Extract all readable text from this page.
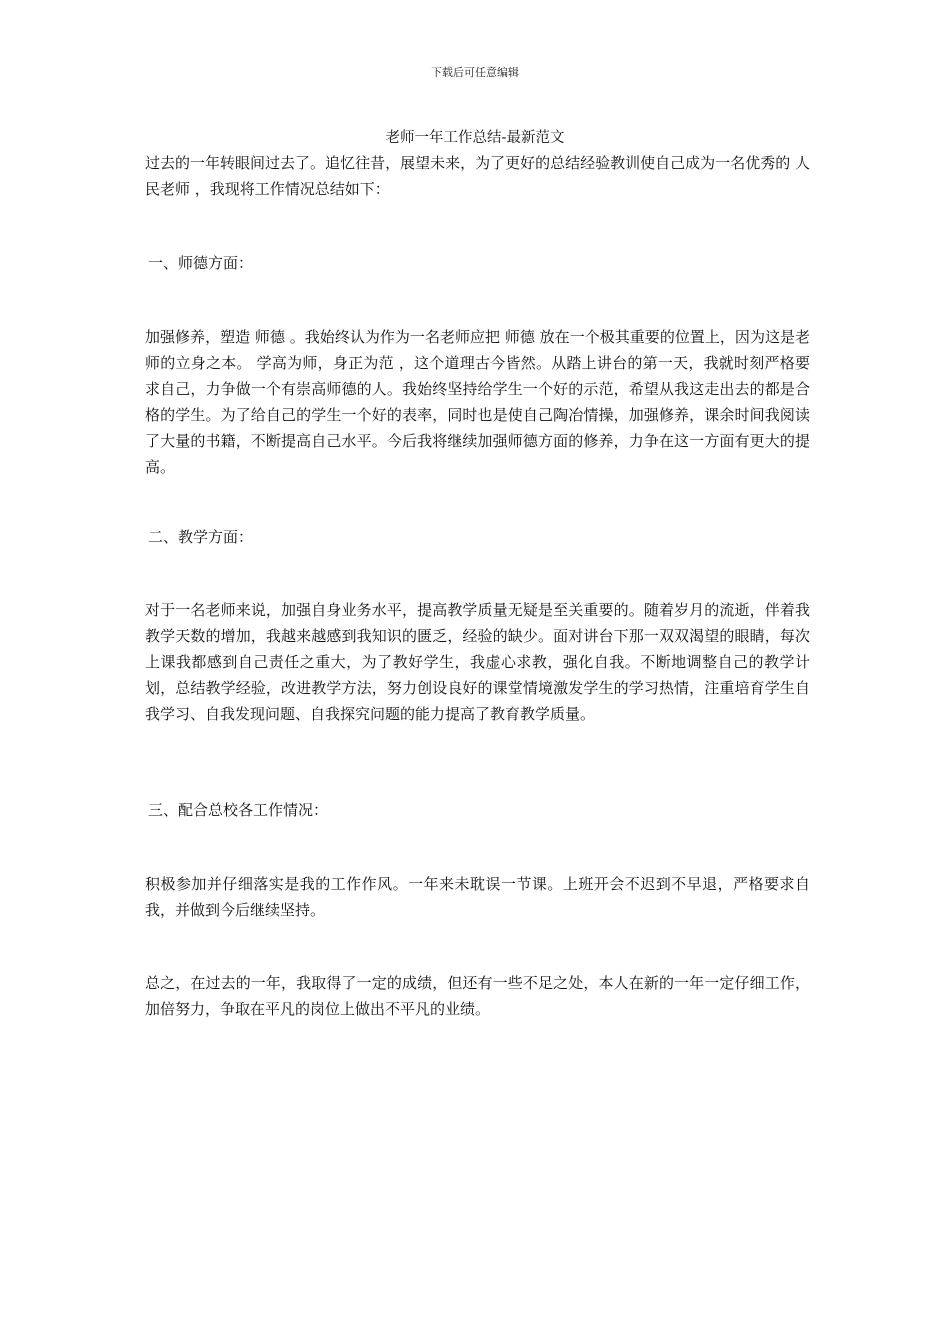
下载后可任意编辑
老师一年工作总结-最新范文

过去的一年转眼间过去了。追忆往昔，展望未来，为了更好的总结经验教训使自己成为一名优秀的 人民老师 ，我现将工作情况总结如下：

一、师德方面：

加强修养，塑造 师德 。我始终认为作为一名老师应把 师德 放在一个极其重要的位置上，因为这是老师的立身之本。 学高为师，身正为范 ，这个道理古今皆然。从踏上讲台的第一天，我就时刻严格要求自己，力争做一个有崇高师德的人。我始终坚持给学生一个好的示范，希望从我这走出去的都是合格的学生。为了给自己的学生一个好的表率，同时也是使自己陶冶情操，加强修养，课余时间我阅读了大量的书籍，不断提高自己水平。今后我将继续加强师德方面的修养，力争在这一方面有更大的提高。

二、教学方面：

对于一名老师来说，加强自身业务水平，提高教学质量无疑是至关重要的。随着岁月的流逝，伴着我教学天数的增加，我越来越感到我知识的匮乏，经验的缺少。面对讲台下那一双双渴望的眼睛，每次上课我都感到自己责任之重大，为了教好学生，我虚心求教，强化自我。不断地调整自己的教学计划，总结教学经验，改进教学方法，努力创设良好的课堂情境激发学生的学习热情，注重培育学生自我学习、自我发现问题、自我探究问题的能力提高了教育教学质量。

三、配合总校各工作情况：

积极参加并仔细落实是我的工作作风。一年来未耽误一节课。上班开会不迟到不早退，严格要求自我，并做到今后继续坚持。

总之，在过去的一年，我取得了一定的成绩，但还有一些不足之处，本人在新的一年一定仔细工作，加倍努力，争取在平凡的岗位上做出不平凡的业绩。
